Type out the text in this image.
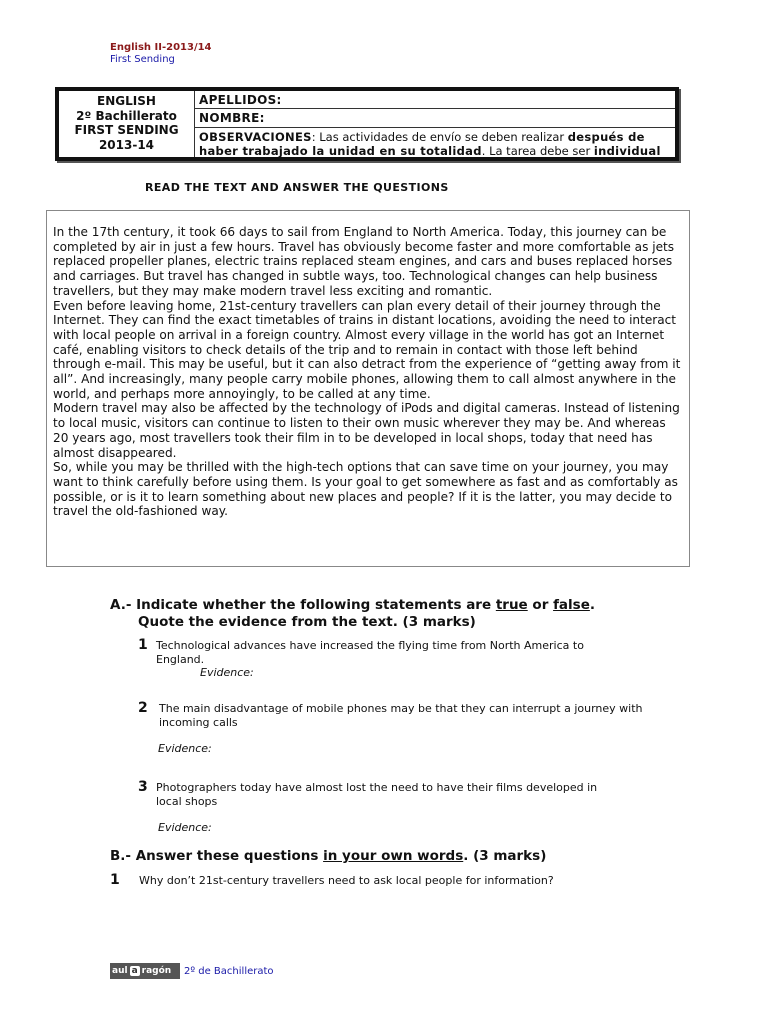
English II-2013/14
First Sending
ENGLISH
2º Bachillerato
FIRST SENDING
2013-14
APELLIDOS:
NOMBRE:
OBSERVACIONES: Las actividades de envío se deben realizar después de haber trabajado la unidad en su totalidad. La tarea debe ser individual
READ THE TEXT AND ANSWER THE QUESTIONS

In the 17th century, it took 66 days to sail from England to North America. Today, this journey can be completed by air in just a few hours. Travel has obviously become faster and more comfortable as jets replaced propeller planes, electric trains replaced steam engines, and cars and buses replaced horses and carriages. But travel has changed in subtle ways, too. Technological changes can help business travellers, but they may make modern travel less exciting and romantic.

Even before leaving home, 21st-century travellers can plan every detail of their journey through the Internet. They can find the exact timetables of trains in distant locations, avoiding the need to interact with local people on arrival in a foreign country. Almost every village in the world has got an Internet café, enabling visitors to check details of the trip and to remain in contact with those left behind through e-mail. This may be useful, but it can also detract from the experience of “getting away from it all”. And increasingly, many people carry mobile phones, allowing them to call almost anywhere in the world, and perhaps more annoyingly, to be called at any time.

Modern travel may also be affected by the technology of iPods and digital cameras. Instead of listening to local music, visitors can continue to listen to their own music wherever they may be. And whereas 20 years ago, most travellers took their film in to be developed in local shops, today that need has almost disappeared.

So, while you may be thrilled with the high-tech options that can save time on your journey, you may want to think carefully before using them. Is your goal to get somewhere as fast and as comfortably as possible, or is it to learn something about new places and people? If it is the latter, you may decide to travel the old-fashioned way.

A.- Indicate whether the following statements are true or false.
Quote the evidence from the text. (3 marks)
1 Technological advances have increased the flying time from North America to England.
Evidence:
2 The main disadvantage of mobile phones may be that they can interrupt a journey with incoming calls
Evidence:
3 Photographers today have almost lost the need to have their films developed in local shops
Evidence:
B.- Answer these questions in your own words. (3 marks)
1 Why don’t 21st-century travellers need to ask local people for information?
aul a ragón 2º de Bachillerato
